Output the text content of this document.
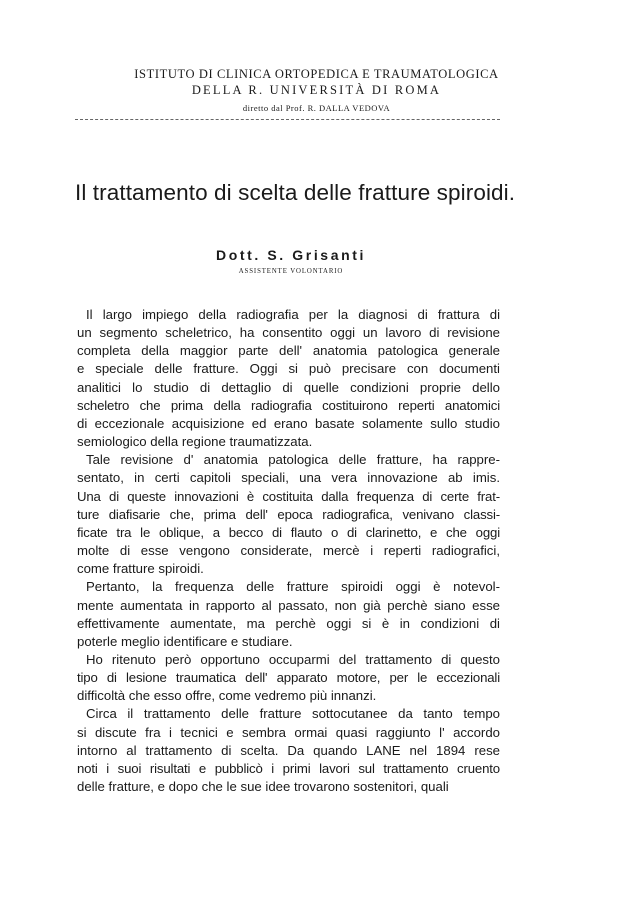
ISTITUTO DI CLINICA ORTOPEDICA E TRAUMATOLOGICA
DELLA R. UNIVERSITÀ DI ROMA
diretto dal Prof. R. DALLA VEDOVA
Il trattamento di scelta delle fratture spiroidi.
Dott. S. Grisanti
ASSISTENTE VOLONTARIO
Il largo impiego della radiografia per la diagnosi di frattura di
un segmento scheletrico, ha consentito oggi un lavoro di revisione
completa della maggior parte dell' anatomia patologica generale
e speciale delle fratture. Oggi si può precisare con documenti
analitici lo studio di dettaglio di quelle condizioni proprie dello
scheletro che prima della radiografia costituirono reperti anatomici
di eccezionale acquisizione ed erano basate solamente sullo studio
semiologico della regione traumatizzata.
Tale revisione d' anatomia patologica delle fratture, ha rappre-
sentato, in certi capitoli speciali, una vera innovazione ab imis.
Una di queste innovazioni è costituita dalla frequenza di certe frat-
ture diafisarie che, prima dell' epoca radiografica, venivano classi-
ficate tra le oblique, a becco di flauto o di clarinetto, e che oggi
molte di esse vengono considerate, mercè i reperti radiografici,
come fratture spiroidi.
Pertanto, la frequenza delle fratture spiroidi oggi è notevol-
mente aumentata in rapporto al passato, non già perchè siano esse
effettivamente aumentate, ma perchè oggi si è in condizioni di
poterle meglio identificare e studiare.
Ho ritenuto però opportuno occuparmi del trattamento di questo
tipo di lesione traumatica dell' apparato motore, per le eccezionali
difficoltà che esso offre, come vedremo più innanzi.
Circa il trattamento delle fratture sottocutanee da tanto tempo
si discute fra i tecnici e sembra ormai quasi raggiunto l' accordo
intorno al trattamento di scelta. Da quando LANE nel 1894 rese
noti i suoi risultati e pubblicò i primi lavori sul trattamento cruento
delle fratture, e dopo che le sue idee trovarono sostenitori, quali
